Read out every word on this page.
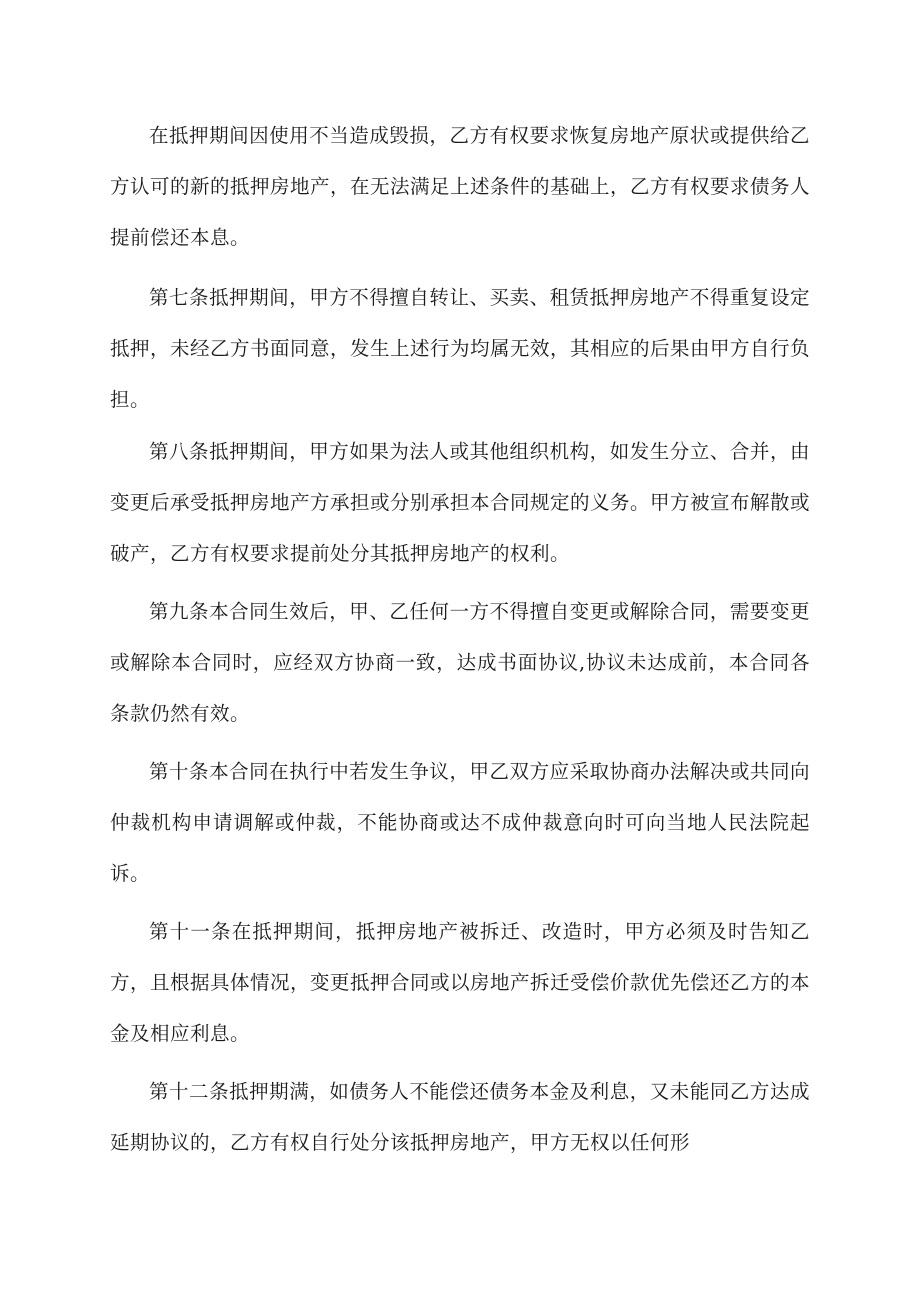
在抵押期间因使用不当造成毁损，乙方有权要求恢复房地产原状或提供给乙方认可的新的抵押房地产，在无法满足上述条件的基础上，乙方有权要求债务人提前偿还本息。

第七条抵押期间，甲方不得擅自转让、买卖、租赁抵押房地产不得重复设定抵押，未经乙方书面同意，发生上述行为均属无效，其相应的后果由甲方自行负担。

第八条抵押期间，甲方如果为法人或其他组织机构，如发生分立、合并，由变更后承受抵押房地产方承担或分别承担本合同规定的义务。甲方被宣布解散或破产，乙方有权要求提前处分其抵押房地产的权利。

第九条本合同生效后，甲、乙任何一方不得擅自变更或解除合同，需要变更或解除本合同时，应经双方协商一致，达成书面协议,协议未达成前，本合同各条款仍然有效。

第十条本合同在执行中若发生争议，甲乙双方应采取协商办法解决或共同向仲裁机构申请调解或仲裁，不能协商或达不成仲裁意向时可向当地人民法院起诉。

第十一条在抵押期间，抵押房地产被拆迁、改造时，甲方必须及时告知乙方，且根据具体情况，变更抵押合同或以房地产拆迁受偿价款优先偿还乙方的本金及相应利息。

第十二条抵押期满，如债务人不能偿还债务本金及利息，又未能同乙方达成延期协议的，乙方有权自行处分该抵押房地产，甲方无权以任何形
